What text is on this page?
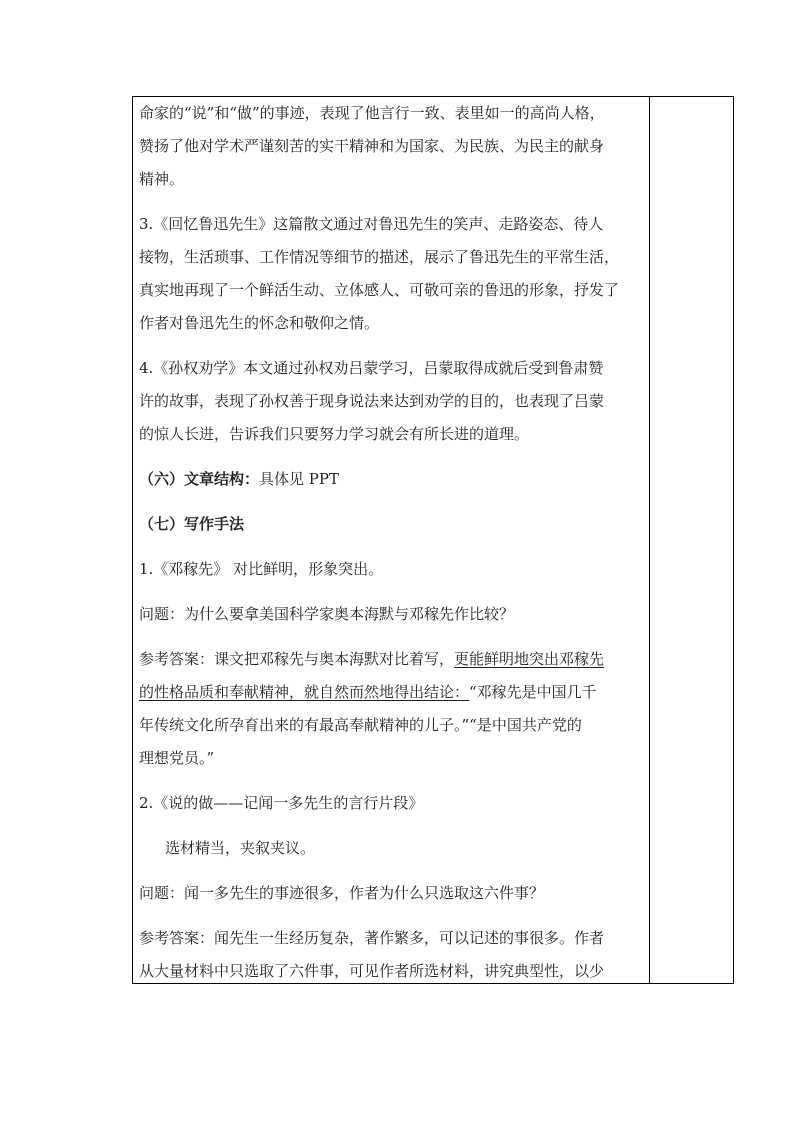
命家的“说”和“做”的事迹，表现了他言行一致、表里如一的高尚人格，

赞扬了他对学术严谨刻苦的实干精神和为国家、为民族、为民主的献身

精神。

3.《回忆鲁迅先生》这篇散文通过对鲁迅先生的笑声、走路姿态、待人

接物，生活琐事、工作情况等细节的描述，展示了鲁迅先生的平常生活，

真实地再现了一个鲜活生动、立体感人、可敬可亲的鲁迅的形象，抒发了

作者对鲁迅先生的怀念和敬仰之情。

4.《孙权劝学》本文通过孙权劝吕蒙学习，吕蒙取得成就后受到鲁肃赞

许的故事，表现了孙权善于现身说法来达到劝学的目的，也表现了吕蒙

的惊人长进，告诉我们只要努力学习就会有所长进的道理。

（六）文章结构：具体见 PPT

（七）写作手法

1.《邓稼先》 对比鲜明，形象突出。

问题：为什么要拿美国科学家奥本海默与邓稼先作比较？

参考答案：课文把邓稼先与奥本海默对比着写，更能鲜明地突出邓稼先

的性格品质和奉献精神，就自然而然地得出结论：“邓稼先是中国几千

年传统文化所孕育出来的有最高奉献精神的儿子。”“是中国共产党的

理想党员。”

2.《说的做——记闻一多先生的言行片段》

选材精当，夹叙夹议。

问题：闻一多先生的事迹很多，作者为什么只选取这六件事？

参考答案：闻先生一生经历复杂，著作繁多，可以记述的事很多。作者

从大量材料中只选取了六件事，可见作者所选材料，讲究典型性，以少
